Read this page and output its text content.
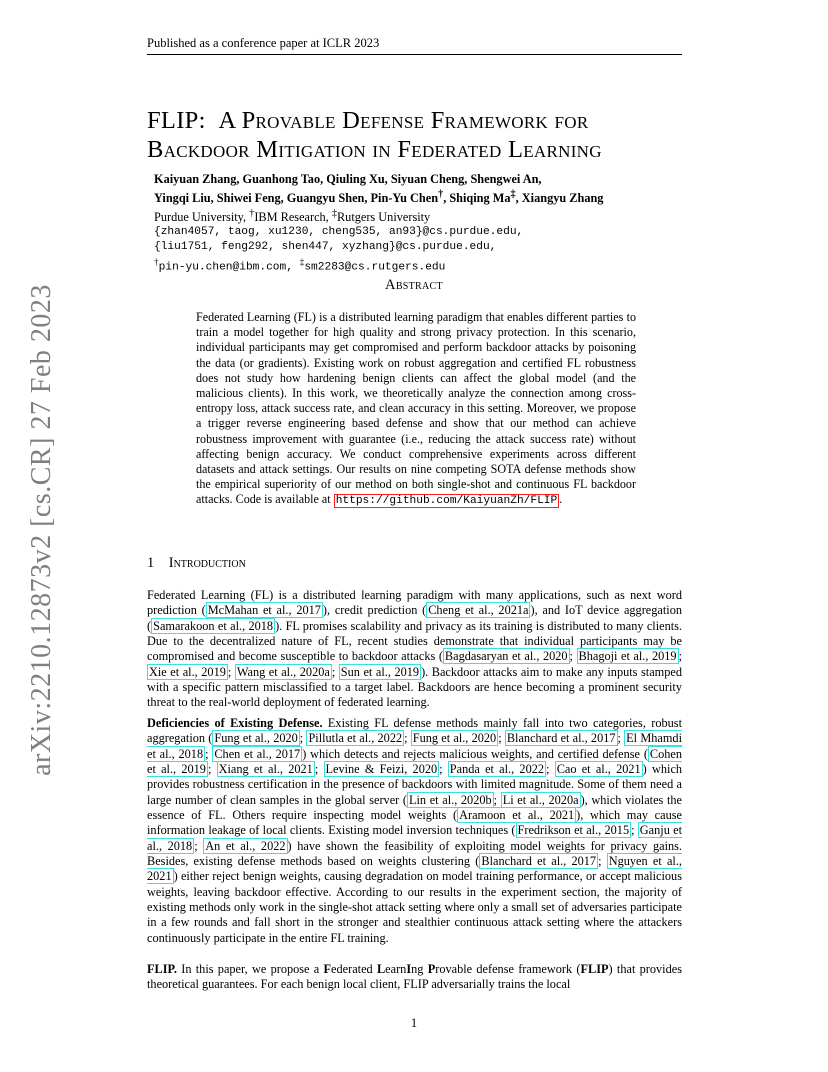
Published as a conference paper at ICLR 2023
arXiv:2210.12873v2 [cs.CR] 27 Feb 2023
FLIP: A Provable Defense Framework for
Backdoor Mitigation in Federated Learning
Kaiyuan Zhang, Guanhong Tao, Qiuling Xu, Siyuan Cheng, Shengwei An,
Yingqi Liu, Shiwei Feng, Guangyu Shen, Pin-Yu Chen†, Shiqing Ma‡, Xiangyu Zhang
Purdue University, †IBM Research, ‡Rutgers University
{zhan4057, taog, xu1230, cheng535, an93}@cs.purdue.edu,
{liu1751, feng292, shen447, xyzhang}@cs.purdue.edu,
†pin-yu.chen@ibm.com, ‡sm2283@cs.rutgers.edu
Abstract
Federated Learning (FL) is a distributed learning paradigm that enables different parties to train a model together for high quality and strong privacy protection. In this scenario, individual participants may get compromised and perform backdoor attacks by poisoning the data (or gradients). Existing work on robust aggregation and certified FL robustness does not study how hardening benign clients can affect the global model (and the malicious clients). In this work, we theoretically analyze the connection among cross-entropy loss, attack success rate, and clean accuracy in this setting. Moreover, we propose a trigger reverse engineering based defense and show that our method can achieve robustness improvement with guarantee (i.e., reducing the attack success rate) without affecting benign accuracy. We conduct comprehensive experiments across different datasets and attack settings. Our results on nine competing SOTA defense methods show the empirical superiority of our method on both single-shot and continuous FL backdoor attacks. Code is available at https://github.com/KaiyuanZh/FLIP .
1 Introduction

Federated Learning (FL) is a distributed learning paradigm with many applications, such as next word prediction ( McMahan et al., 2017 ), credit prediction ( Cheng et al., 2021a ), and IoT device aggregation ( Samarakoon et al., 2018 ). FL promises scalability and privacy as its training is distributed to many clients. Due to the decentralized nature of FL, recent studies demonstrate that individual participants may be compromised and become susceptible to backdoor attacks ( Bagdasaryan et al., 2020 ; Bhagoji et al., 2019 ; Xie et al., 2019 ; Wang et al., 2020a ; Sun et al., 2019 ). Backdoor attacks aim to make any inputs stamped with a specific pattern misclassified to a target label. Backdoors are hence becoming a prominent security threat to the real-world deployment of federated learning.

Deficiencies of Existing Defense. Existing FL defense methods mainly fall into two categories, robust aggregation ( Fung et al., 2020 ; Pillutla et al., 2022 ; Fung et al., 2020 ; Blanchard et al., 2017 ; El Mhamdi et al., 2018 ; Chen et al., 2017 ) which detects and rejects malicious weights, and certified defense ( Cohen et al., 2019 ; Xiang et al., 2021 ; Levine & Feizi, 2020 ; Panda et al., 2022 ; Cao et al., 2021 ) which provides robustness certification in the presence of backdoors with limited magnitude. Some of them need a large number of clean samples in the global server ( Lin et al., 2020b ; Li et al., 2020a ), which violates the essence of FL. Others require inspecting model weights ( Aramoon et al., 2021 ), which may cause information leakage of local clients. Existing model inversion techniques ( Fredrikson et al., 2015 ; Ganju et al., 2018 ; An et al., 2022 ) have shown the feasibility of exploiting model weights for privacy gains. Besides, existing defense methods based on weights clustering ( Blanchard et al., 2017 ; Nguyen et al., 2021 ) either reject benign weights, causing degradation on model training performance, or accept malicious weights, leaving backdoor effective. According to our results in the experiment section, the majority of existing methods only work in the single-shot attack setting where only a small set of adversaries participate in a few rounds and fall short in the stronger and stealthier continuous attack setting where the attackers continuously participate in the entire FL training.

FLIP. In this paper, we propose a Federated LearnIng Provable defense framework (FLIP) that provides theoretical guarantees. For each benign local client, FLIP adversarially trains the local

1
